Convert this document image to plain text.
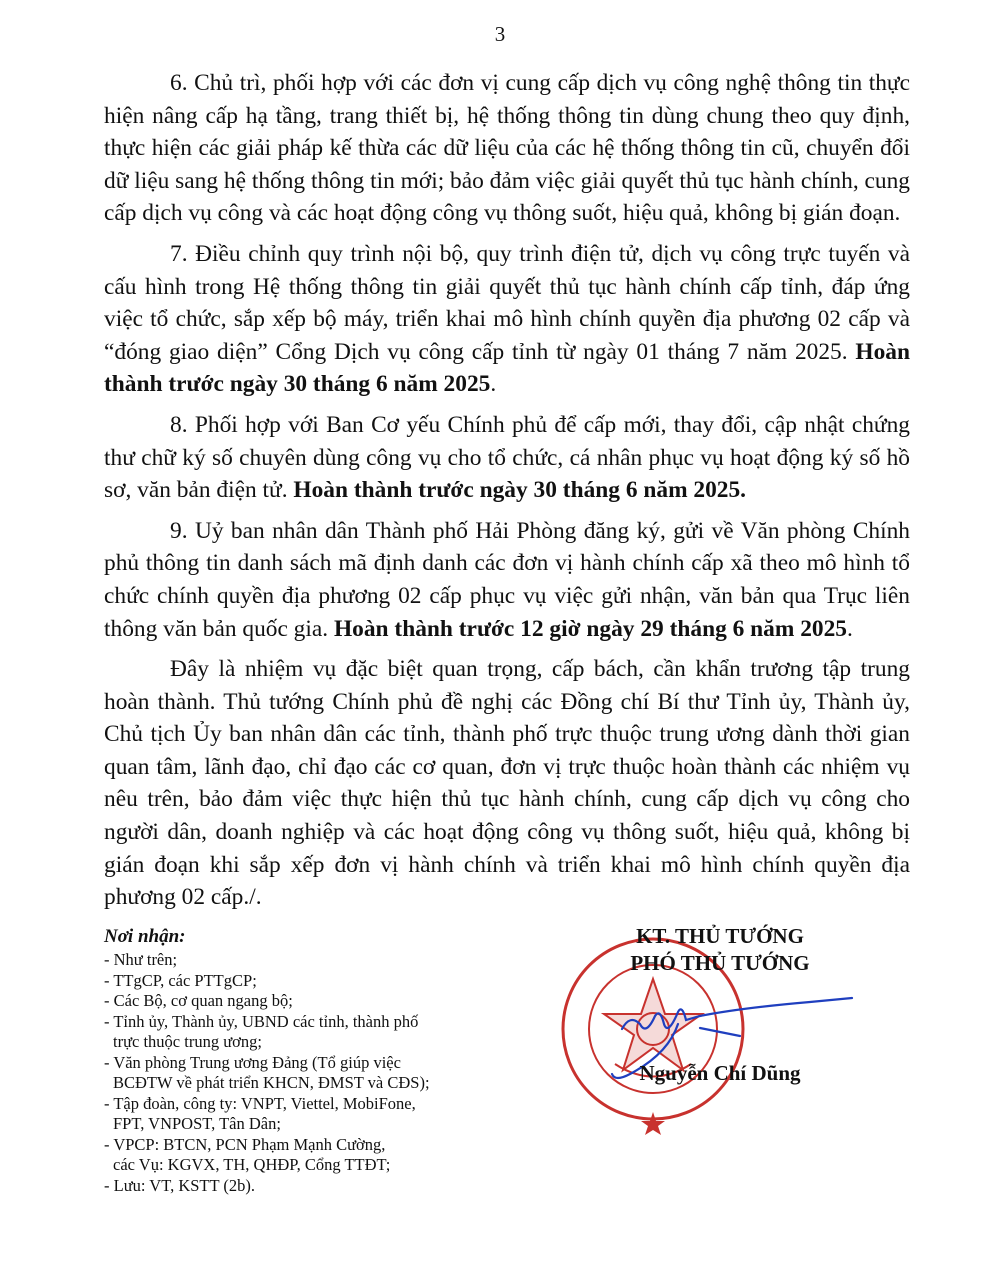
3

6. Chủ trì, phối hợp với các đơn vị cung cấp dịch vụ công nghệ thông tin thực hiện nâng cấp hạ tầng, trang thiết bị, hệ thống thông tin dùng chung theo quy định, thực hiện các giải pháp kế thừa các dữ liệu của các hệ thống thông tin cũ, chuyển đổi dữ liệu sang hệ thống thông tin mới; bảo đảm việc giải quyết thủ tục hành chính, cung cấp dịch vụ công và các hoạt động công vụ thông suốt, hiệu quả, không bị gián đoạn.

7. Điều chỉnh quy trình nội bộ, quy trình điện tử, dịch vụ công trực tuyến và cấu hình trong Hệ thống thông tin giải quyết thủ tục hành chính cấp tỉnh, đáp ứng việc tổ chức, sắp xếp bộ máy, triển khai mô hình chính quyền địa phương 02 cấp và “đóng giao diện” Cổng Dịch vụ công cấp tỉnh từ ngày 01 tháng 7 năm 2025. Hoàn thành trước ngày 30 tháng 6 năm 2025.

8. Phối hợp với Ban Cơ yếu Chính phủ để cấp mới, thay đổi, cập nhật chứng thư chữ ký số chuyên dùng công vụ cho tổ chức, cá nhân phục vụ hoạt động ký số hồ sơ, văn bản điện tử. Hoàn thành trước ngày 30 tháng 6 năm 2025.

9. Uỷ ban nhân dân Thành phố Hải Phòng đăng ký, gửi về Văn phòng Chính phủ thông tin danh sách mã định danh các đơn vị hành chính cấp xã theo mô hình tổ chức chính quyền địa phương 02 cấp phục vụ việc gửi nhận, văn bản qua Trục liên thông văn bản quốc gia. Hoàn thành trước 12 giờ ngày 29 tháng 6 năm 2025.

Đây là nhiệm vụ đặc biệt quan trọng, cấp bách, cần khẩn trương tập trung hoàn thành. Thủ tướng Chính phủ đề nghị các Đồng chí Bí thư Tỉnh ủy, Thành ủy, Chủ tịch Ủy ban nhân dân các tỉnh, thành phố trực thuộc trung ương dành thời gian quan tâm, lãnh đạo, chỉ đạo các cơ quan, đơn vị trực thuộc hoàn thành các nhiệm vụ nêu trên, bảo đảm việc thực hiện thủ tục hành chính, cung cấp dịch vụ công cho người dân, doanh nghiệp và các hoạt động công vụ thông suốt, hiệu quả, không bị gián đoạn khi sắp xếp đơn vị hành chính và triển khai mô hình chính quyền địa phương 02 cấp./.

Nơi nhận:
- Như trên;
- TTgCP, các PTTgCP;
- Các Bộ, cơ quan ngang bộ;
- Tỉnh ủy, Thành ủy, UBND các tỉnh, thành phố
trực thuộc trung ương;
- Văn phòng Trung ương Đảng (Tổ giúp việc
BCĐTW về phát triển KHCN, ĐMST và CĐS);
- Tập đoàn, công ty: VNPT, Viettel, MobiFone,
FPT, VNPOST, Tân Dân;
- VPCP: BTCN, PCN Phạm Mạnh Cường,
các Vụ: KGVX, TH, QHĐP, Cổng TTĐT;
- Lưu: VT, KSTT (2b).
KT. THỦ TƯỚNG
PHÓ THỦ TƯỚNG
Nguyễn Chí Dũng
